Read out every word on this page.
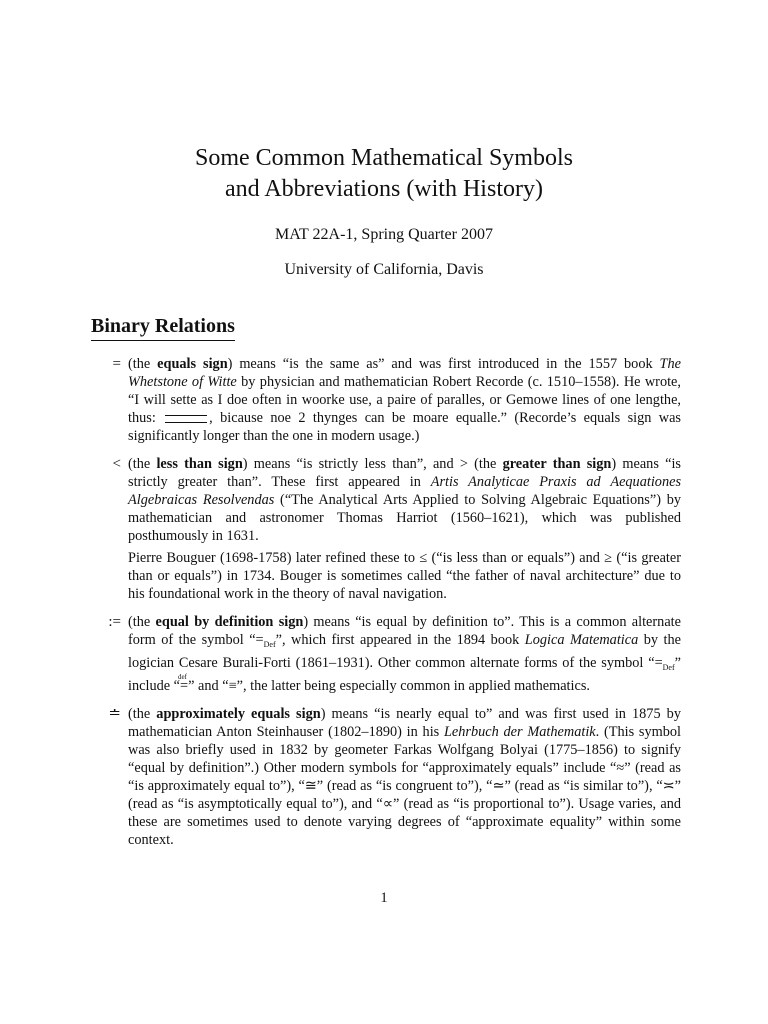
Some Common Mathematical Symbols
and Abbreviations (with History)
MAT 22A-1, Spring Quarter 2007
University of California, Davis
Binary Relations
= (the equals sign) means “is the same as” and was first introduced in the 1557 book The Whetstone of Witte by physician and mathematician Robert Recorde (c. 1510–1558). He wrote, “I will sette as I doe often in woorke use, a paire of paralles, or Gemowe lines of one lengthe, thus:	, bicause noe 2 thynges can be moare equalle.” (Recorde’s equals sign was significantly longer than the one in modern usage.)

< (the less than sign) means “is strictly less than”, and > (the greater than sign) means “is strictly greater than”. These first appeared in Artis Analyticae Praxis ad Aequationes Algebraicas Resolvendas (“The Analytical Arts Applied to Solving Algebraic Equations”) by mathematician and astronomer Thomas Harriot (1560–1621), which was published posthumously in 1631.

Pierre Bouguer (1698-1758) later refined these to ≤ (“is less than or equals”) and ≥ (“is greater than or equals”) in 1734. Bouger is sometimes called “the father of naval architecture” due to his foundational work in the theory of naval navigation.

:= (the equal by definition sign) means “is equal by definition to”. This is a common alternate form of the symbol “$=_{Def}$”, which first appeared in the 1894 book Logica Matematica by the logician Cesare Burali-Forti (1861–1931). Other common alternate forms of the symbol “$=_{Def}$” include “
def
=” and “≡”, the latter being especially common in applied mathematics.

≐ (the approximately equals sign) means “is nearly equal to” and was first used in 1875 by mathematician Anton Steinhauser (1802–1890) in his Lehrbuch der Mathematik. (This symbol was also briefly used in 1832 by geometer Farkas Wolfgang Bolyai (1775–1856) to signify “equal by definition”.) Other modern symbols for “approximately equals” include “≈” (read as “is approximately equal to”), “≅” (read as “is congruent to”), “≃” (read as “is similar to”), “≍” (read as “is asymptotically equal to”), and “∝” (read as “is proportional to”). Usage varies, and these are sometimes used to denote varying degrees of “approximate equality” within some context.

1
